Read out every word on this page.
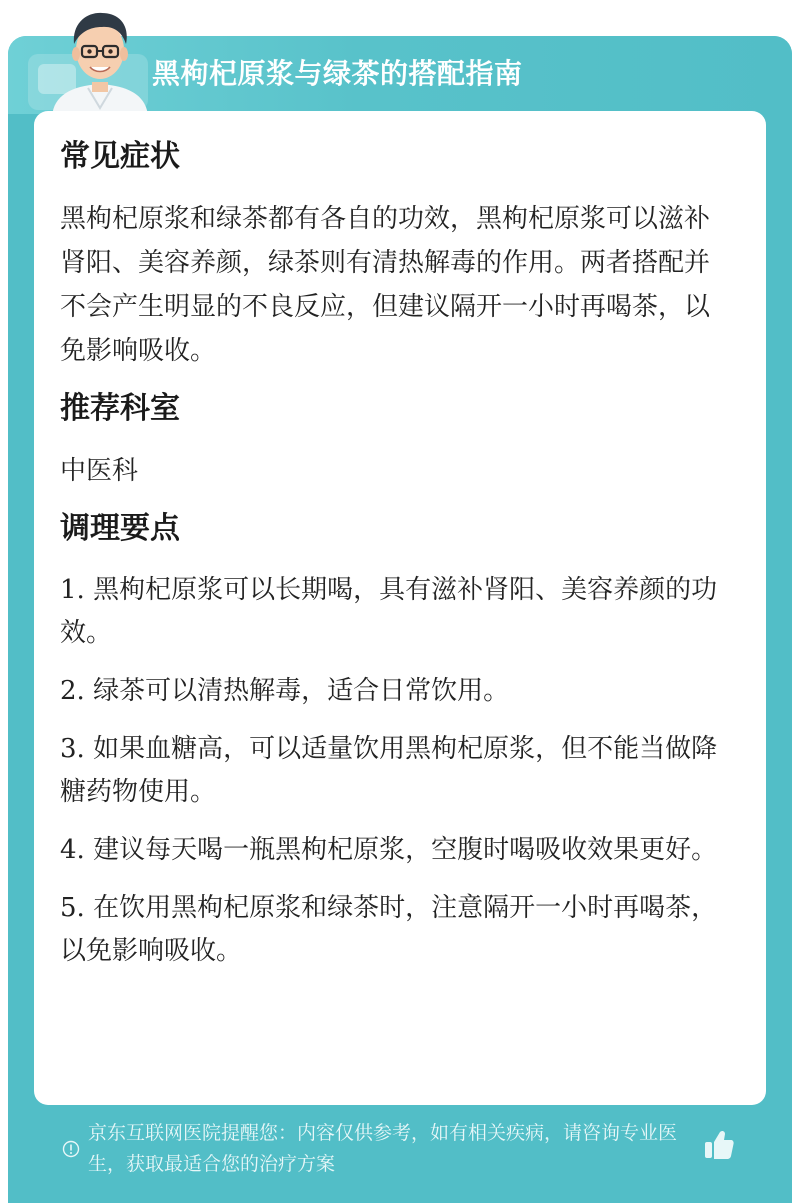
黑枸杞原浆与绿茶的搭配指南
常见症状

黑枸杞原浆和绿茶都有各自的功效，黑枸杞原浆可以滋补肾阳、美容养颜，绿茶则有清热解毒的作用。两者搭配并不会产生明显的不良反应，但建议隔开一小时再喝茶，以免影响吸收。

推荐科室

中医科

调理要点

1. 黑枸杞原浆可以长期喝，具有滋补肾阳、美容养颜的功效。

2. 绿茶可以清热解毒，适合日常饮用。

3. 如果血糖高，可以适量饮用黑枸杞原浆，但不能当做降糖药物使用。

4. 建议每天喝一瓶黑枸杞原浆，空腹时喝吸收效果更好。

5. 在饮用黑枸杞原浆和绿茶时，注意隔开一小时再喝茶，以免影响吸收。

京东互联网医院提醒您：内容仅供参考，如有相关疾病，请咨询专业医生，获取最适合您的治疗方案
